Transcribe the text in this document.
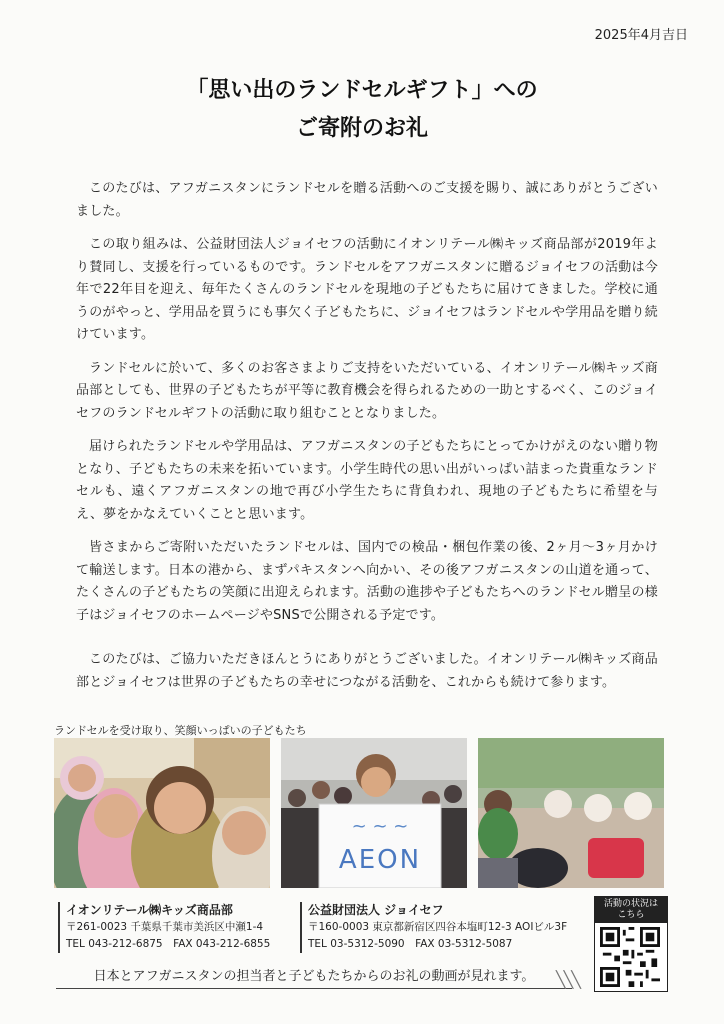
2025年4月吉日
「思い出のランドセルギフト」への
ご寄附のお礼

このたびは、アフガニスタンにランドセルを贈る活動へのご支援を賜り、誠にありがとうございました。

この取り組みは、公益財団法人ジョイセフの活動にイオンリテール㈱キッズ商品部が2019年より賛同し、支援を行っているものです。ランドセルをアフガニスタンに贈るジョイセフの活動は今年で22年目を迎え、毎年たくさんのランドセルを現地の子どもたちに届けてきました。学校に通うのがやっと、学用品を買うにも事欠く子どもたちに、ジョイセフはランドセルや学用品を贈り続けています。

ランドセルに於いて、多くのお客さまよりご支持をいただいている、イオンリテール㈱キッズ商品部としても、世界の子どもたちが平等に教育機会を得られるための一助とするべく、このジョイセフのランドセルギフトの活動に取り組むこととなりました。

届けられたランドセルや学用品は、アフガニスタンの子どもたちにとってかけがえのない贈り物となり、子どもたちの未来を拓いています。小学生時代の思い出がいっぱい詰まった貴重なランドセルも、遠くアフガニスタンの地で再び小学生たちに背負われ、現地の子どもたちに希望を与え、夢をかなえていくことと思います。

皆さまからご寄附いただいたランドセルは、国内での検品・梱包作業の後、2ヶ月～3ヶ月かけて輸送します。日本の港から、まずパキスタンへ向かい、その後アフガニスタンの山道を通って、たくさんの子どもたちの笑顔に出迎えられます。活動の進捗や子どもたちへのランドセル贈呈の様子はジョイセフのホームページやSNSで公開される予定です。

このたびは、ご協力いただきほんとうにありがとうございました。イオンリテール㈱キッズ商品部とジョイセフは世界の子どもたちの幸せにつながる活動を、これからも続けて参ります。

ランドセルを受け取り、笑顔いっぱいの子どもたち
~ ~ ~
AEON
イオンリテール㈱キッズ商品部
〒261-0023 千葉県千葉市美浜区中瀬1-4
TEL 043-212-6875　FAX 043-212-6855
公益財団法人 ジョイセフ
〒160-0003 東京都新宿区四谷本塩町12-3 AOIビル3F
TEL 03-5312-5090　FAX 03-5312-5087
活動の状況は
こちら
日本とアフガニスタンの担当者と子どもたちからのお礼の動画が見れます。	╲╲╲
